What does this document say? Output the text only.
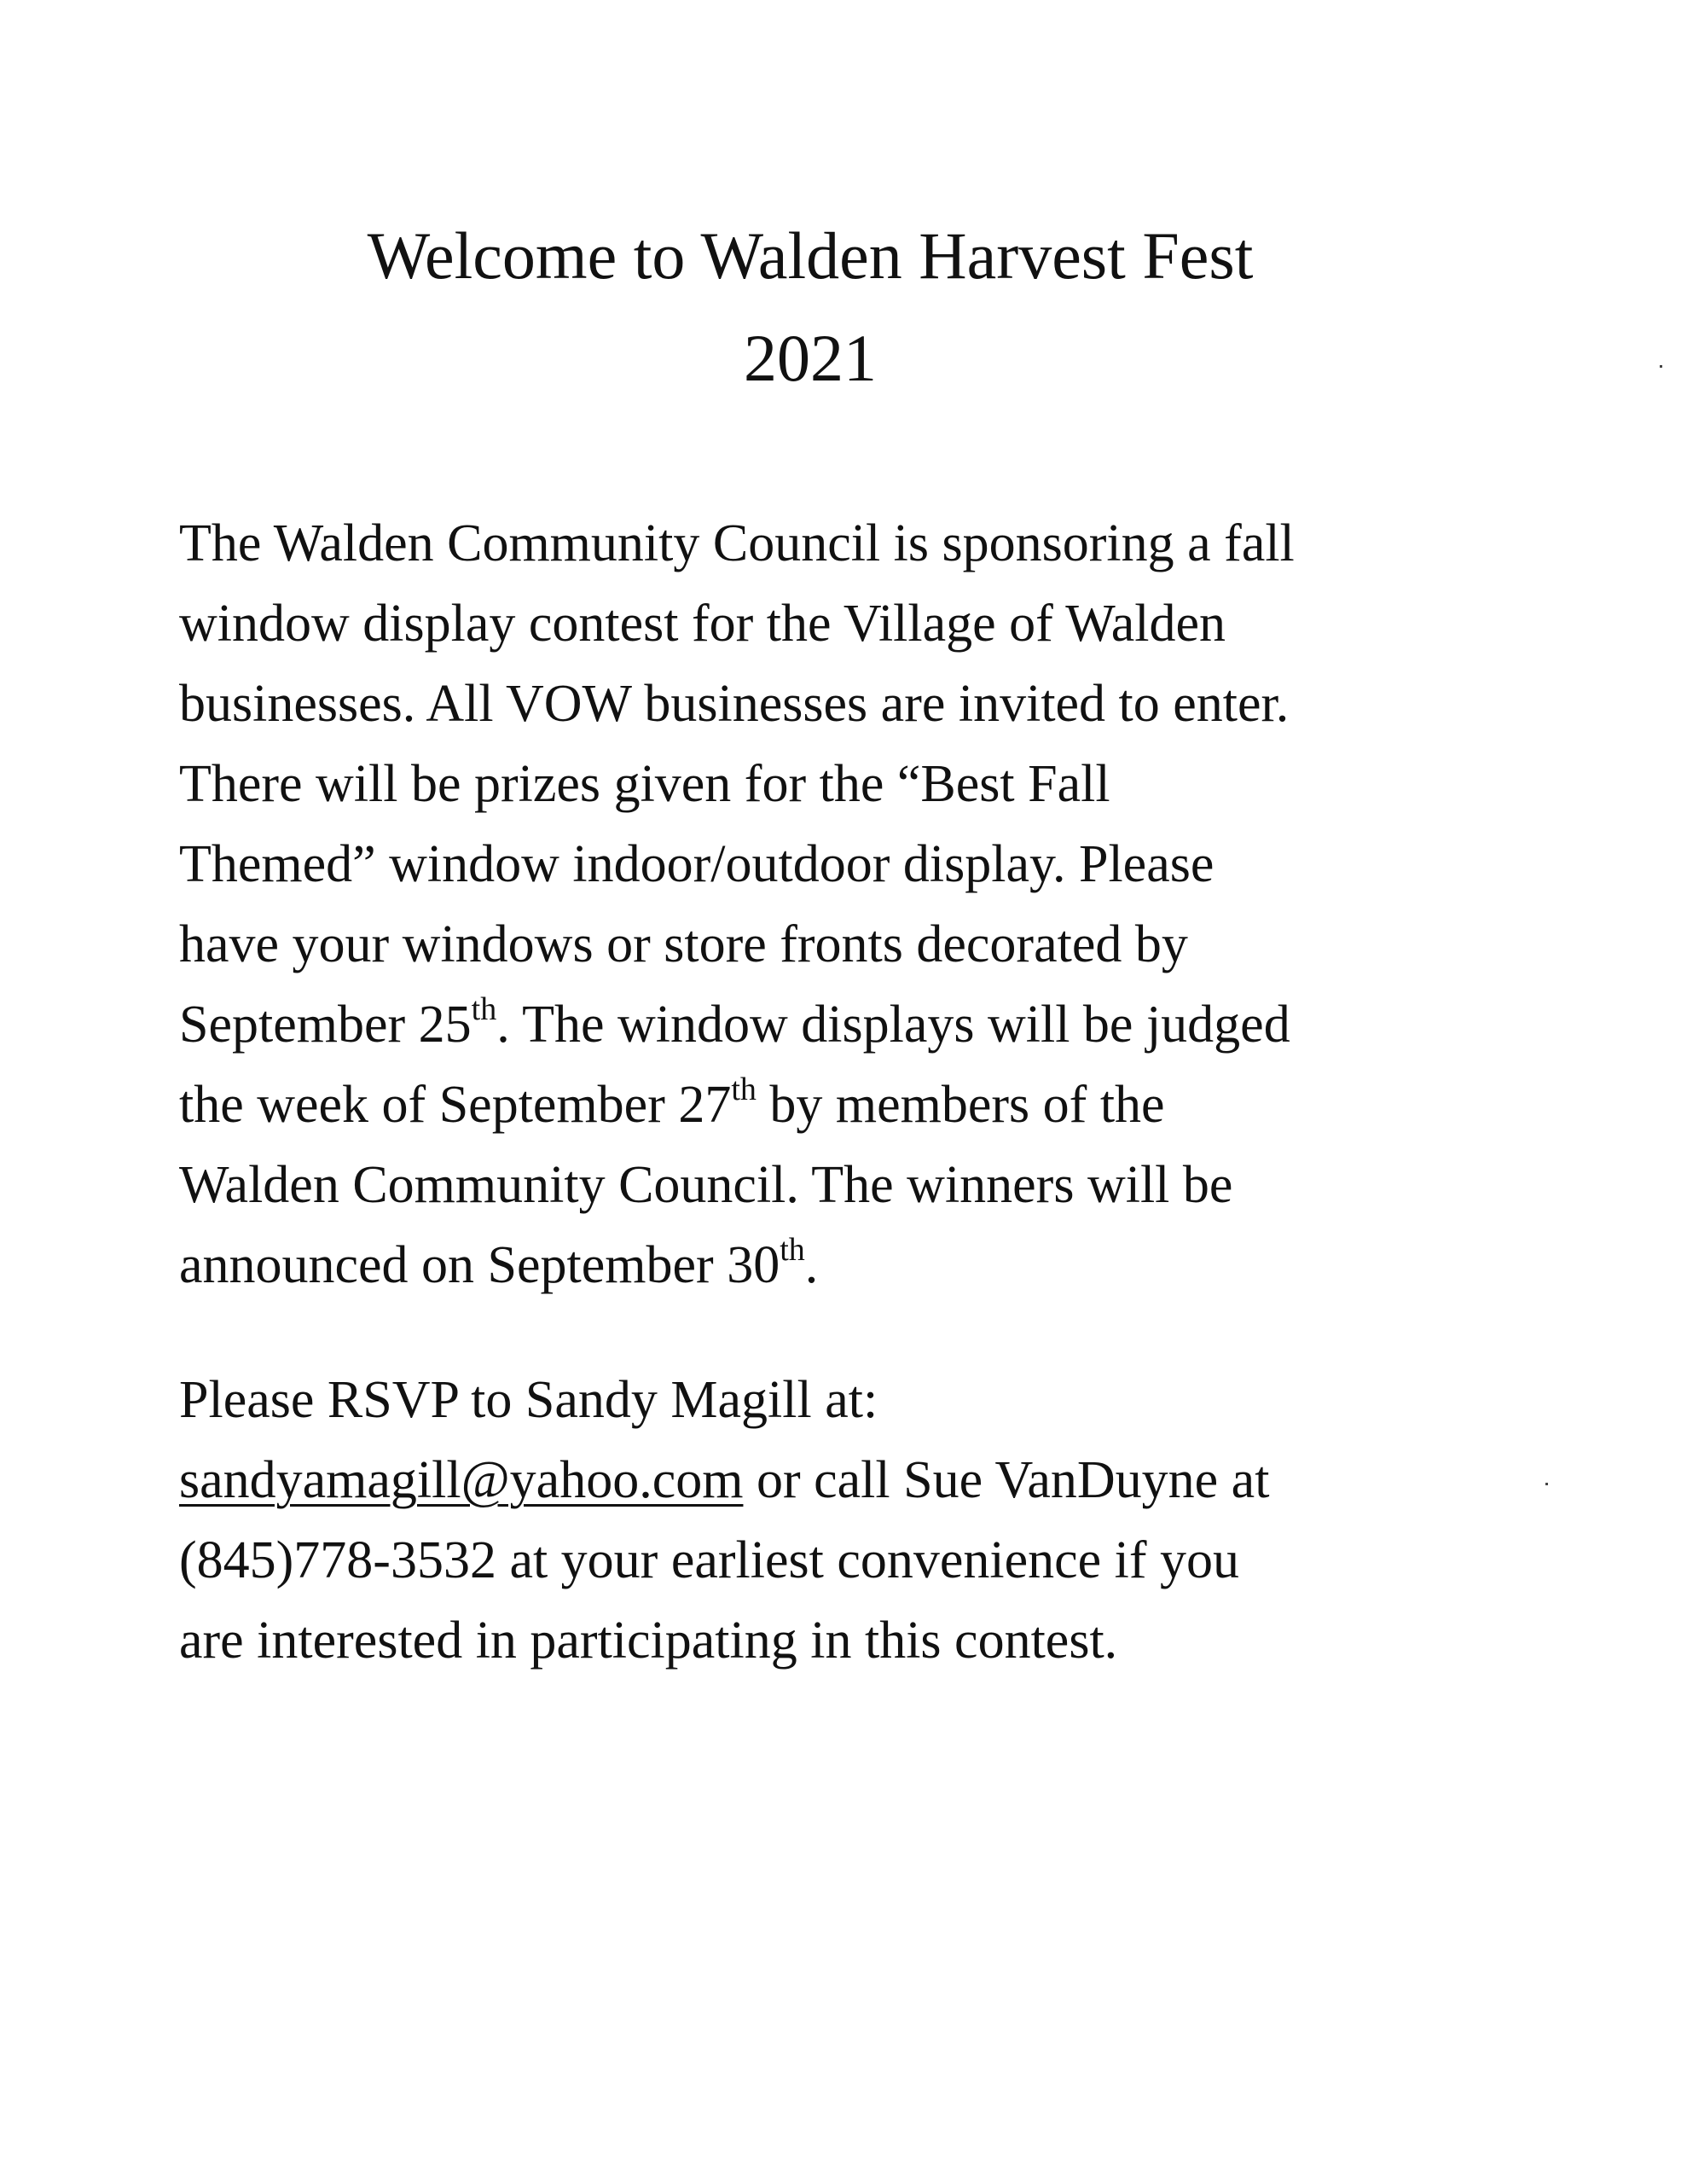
Welcome to Walden Harvest Fest

2021

The Walden Community Council is sponsoring a fall

window display contest for the Village of Walden

businesses. All VOW businesses are invited to enter.

There will be prizes given for the “Best Fall

Themed” window indoor/outdoor display. Please

have your windows or store fronts decorated by

September 25th. The window displays will be judged

the week of September 27th by members of the

Walden Community Council. The winners will be

announced on September 30th.

Please RSVP to Sandy Magill at:

sandyamagill@yahoo.com or call Sue VanDuyne at

(845)778-3532 at your earliest convenience if you

are interested in participating in this contest.
